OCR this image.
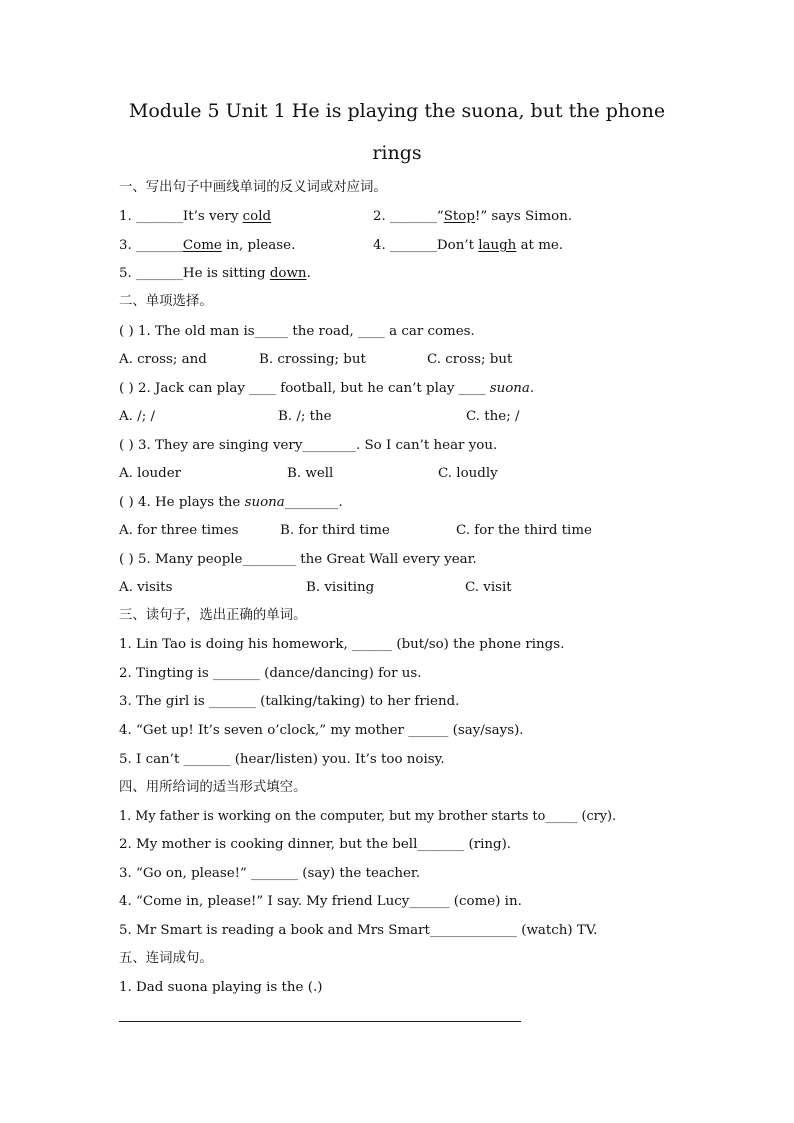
Module 5 Unit 1 He is playing the suona, but the phone
rings
一、写出句子中画线单词的反义词或对应词。
1. _______It’s very cold	2. _______“Stop!” says Simon.
3. _______Come in, please.	4. _______Don’t laugh at me.
5. _______He is sitting down.
二、单项选择。
( ) 1. The old man is_____ the road, ____ a car comes.
A. cross; and	B. crossing; but	C. cross; but
( ) 2. Jack can play ____ football, but he can’t play ____ suona.
A. /; /	B. /; the	C. the; /
( ) 3. They are singing very________. So I can’t hear you.
A. louder	B. well	C. loudly
( ) 4. He plays the suona________.
A. for three times	B. for third time	C. for the third time
( ) 5. Many people________ the Great Wall every year.
A. visits	B. visiting	C. visit
三、读句子，选出正确的单词。
1. Lin Tao is doing his homework, ______ (but/so) the phone rings.
2. Tingting is _______ (dance/dancing) for us.
3. The girl is _______ (talking/taking) to her friend.
4. “Get up! It’s seven o’clock,” my mother ______ (say/says).
5. I can’t _______ (hear/listen) you. It’s too noisy.
四、用所给词的适当形式填空。
1. My father is working on the computer, but my brother starts to_____ (cry).
2. My mother is cooking dinner, but the bell_______ (ring).
3. “Go on, please!” _______ (say) the teacher.
4. “Come in, please!” I say. My friend Lucy______ (come) in.
5. Mr Smart is reading a book and Mrs Smart_____________ (watch) TV.
五、连词成句。
1. Dad suona playing is the (.)
